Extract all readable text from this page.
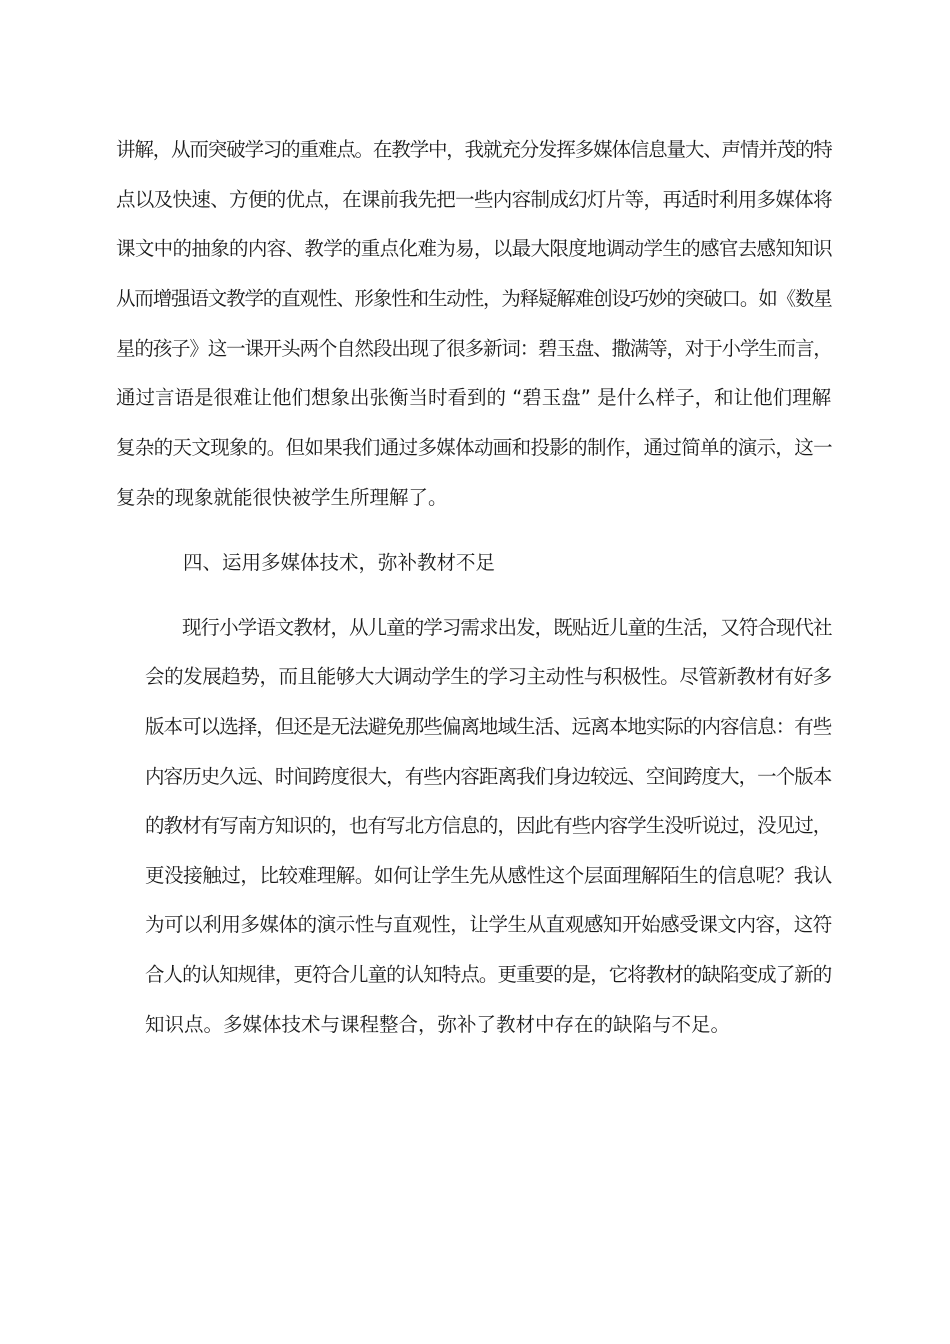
讲解，从而突破学习的重难点。在教学中，我就充分发挥多媒体信息量大、声情并茂的特
点以及快速、方便的优点，在课前我先把一些内容制成幻灯片等，再适时利用多媒体将
课文中的抽象的内容、教学的重点化难为易，以最大限度地调动学生的感官去感知知识
从而增强语文教学的直观性、形象性和生动性，为释疑解难创设巧妙的突破口。如《数星
星的孩子》这一课开头两个自然段出现了很多新词：碧玉盘、撒满等，对于小学生而言，
通过言语是很难让他们想象出张衡当时看到的 “碧玉盘” 是什么样子，和让他们理解
复杂的天文现象的。但如果我们通过多媒体动画和投影的制作，通过简单的演示，这一
复杂的现象就能很快被学生所理解了。
四、运用多媒体技术，弥补教材不足
现行小学语文教材，从儿童的学习需求出发，既贴近儿童的生活，又符合现代社
会的发展趋势，而且能够大大调动学生的学习主动性与积极性。尽管新教材有好多
版本可以选择，但还是无法避免那些偏离地域生活、远离本地实际的内容信息：有些
内容历史久远、时间跨度很大，有些内容距离我们身边较远、空间跨度大，一个版本
的教材有写南方知识的，也有写北方信息的，因此有些内容学生没听说过，没见过，
更没接触过，比较难理解。如何让学生先从感性这个层面理解陌生的信息呢？我认
为可以利用多媒体的演示性与直观性，让学生从直观感知开始感受课文内容，这符
合人的认知规律，更符合儿童的认知特点。更重要的是，它将教材的缺陷变成了新的
知识点。多媒体技术与课程整合，弥补了教材中存在的缺陷与不足。
